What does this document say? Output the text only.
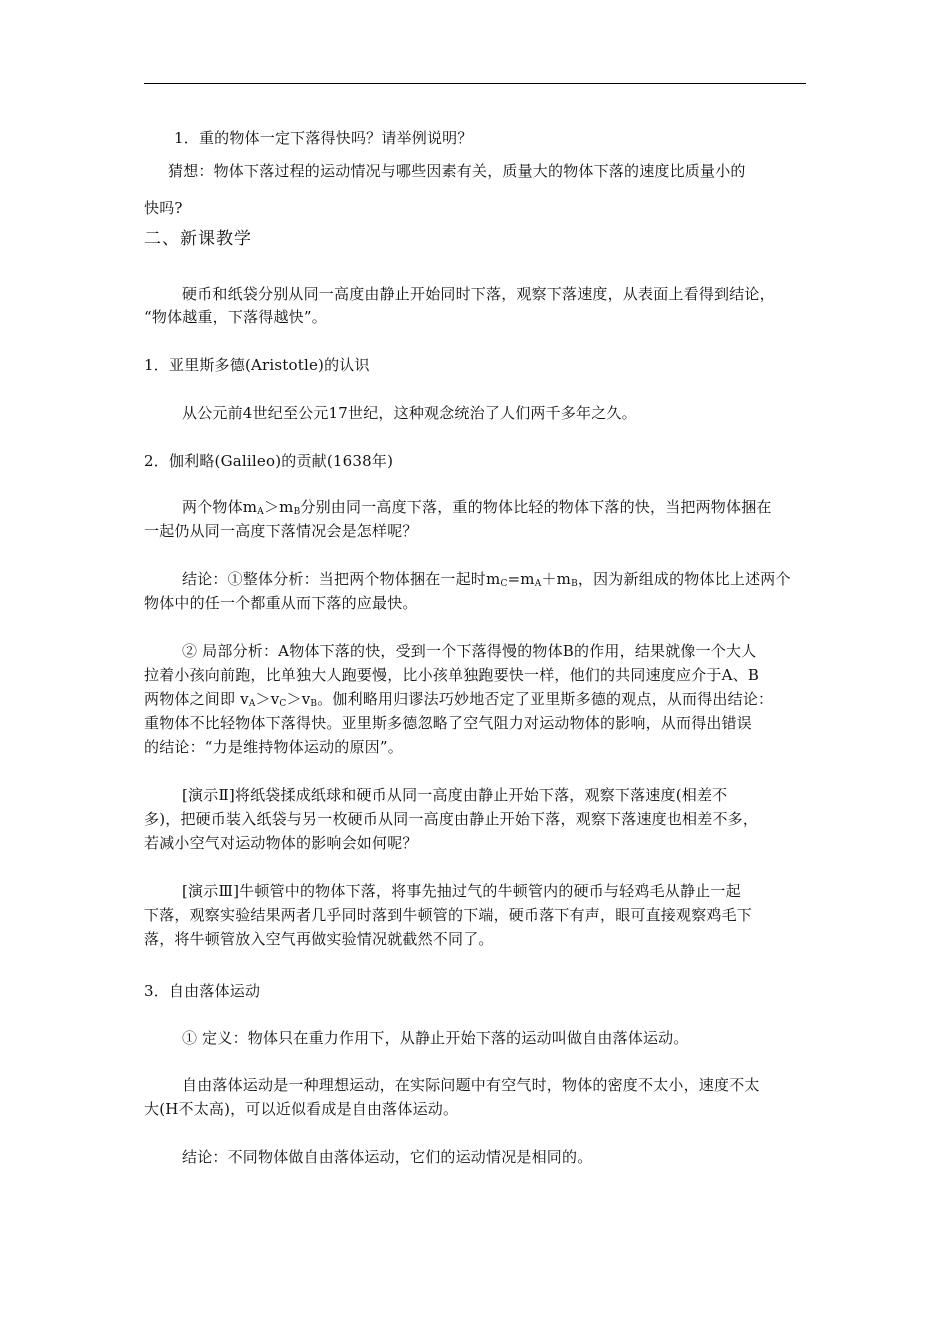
1．重的物体一定下落得快吗？请举例说明？
猜想：物体下落过程的运动情况与哪些因素有关，质量大的物体下落的速度比质量小的
快吗?
二、新课教学
硬币和纸袋分别从同一高度由静止开始同时下落，观察下落速度，从表面上看得到结论，
“物体越重，下落得越快”。
1．亚里斯多德(Aristotle)的认识
从公元前4世纪至公元17世纪，这种观念统治了人们两千多年之久。
2．伽利略(Galileo)的贡献(1638年)
两个物体$m_A>m_B$分别由同一高度下落，重的物体比轻的物体下落的快，当把两物体捆在
一起仍从同一高度下落情况会是怎样呢？
结论：①整体分析：当把两个物体捆在一起时$m_C=m_A+m_B$，因为新组成的物体比上述两个
物体中的任一个都重从而下落的应最快。
② 局部分析：A物体下落的快，受到一个下落得慢的物体B的作用，结果就像一个大人
拉着小孩向前跑，比单独大人跑要慢，比小孩单独跑要快一样，他们的共同速度应介于A、B
两物体之间即 $v_A>v_C>v_B$。伽利略用归谬法巧妙地否定了亚里斯多德的观点，从而得出结论：
重物体不比轻物体下落得快。亚里斯多德忽略了空气阻力对运动物体的影响，从而得出错误
的结论：“力是维持物体运动的原因”。
[演示Ⅱ]将纸袋揉成纸球和硬币从同一高度由静止开始下落，观察下落速度(相差不
多)，把硬币装入纸袋与另一枚硬币从同一高度由静止开始下落，观察下落速度也相差不多，
若减小空气对运动物体的影响会如何呢？
[演示Ⅲ]牛顿管中的物体下落，将事先抽过气的牛顿管内的硬币与轻鸡毛从静止一起
下落，观察实验结果两者几乎同时落到牛顿管的下端，硬币落下有声，眼可直接观察鸡毛下
落，将牛顿管放入空气再做实验情况就截然不同了。
3．自由落体运动
① 定义：物体只在重力作用下，从静止开始下落的运动叫做自由落体运动。
自由落体运动是一种理想运动，在实际问题中有空气时，物体的密度不太小，速度不太
大(H不太高)，可以近似看成是自由落体运动。
结论：不同物体做自由落体运动，它们的运动情况是相同的。
